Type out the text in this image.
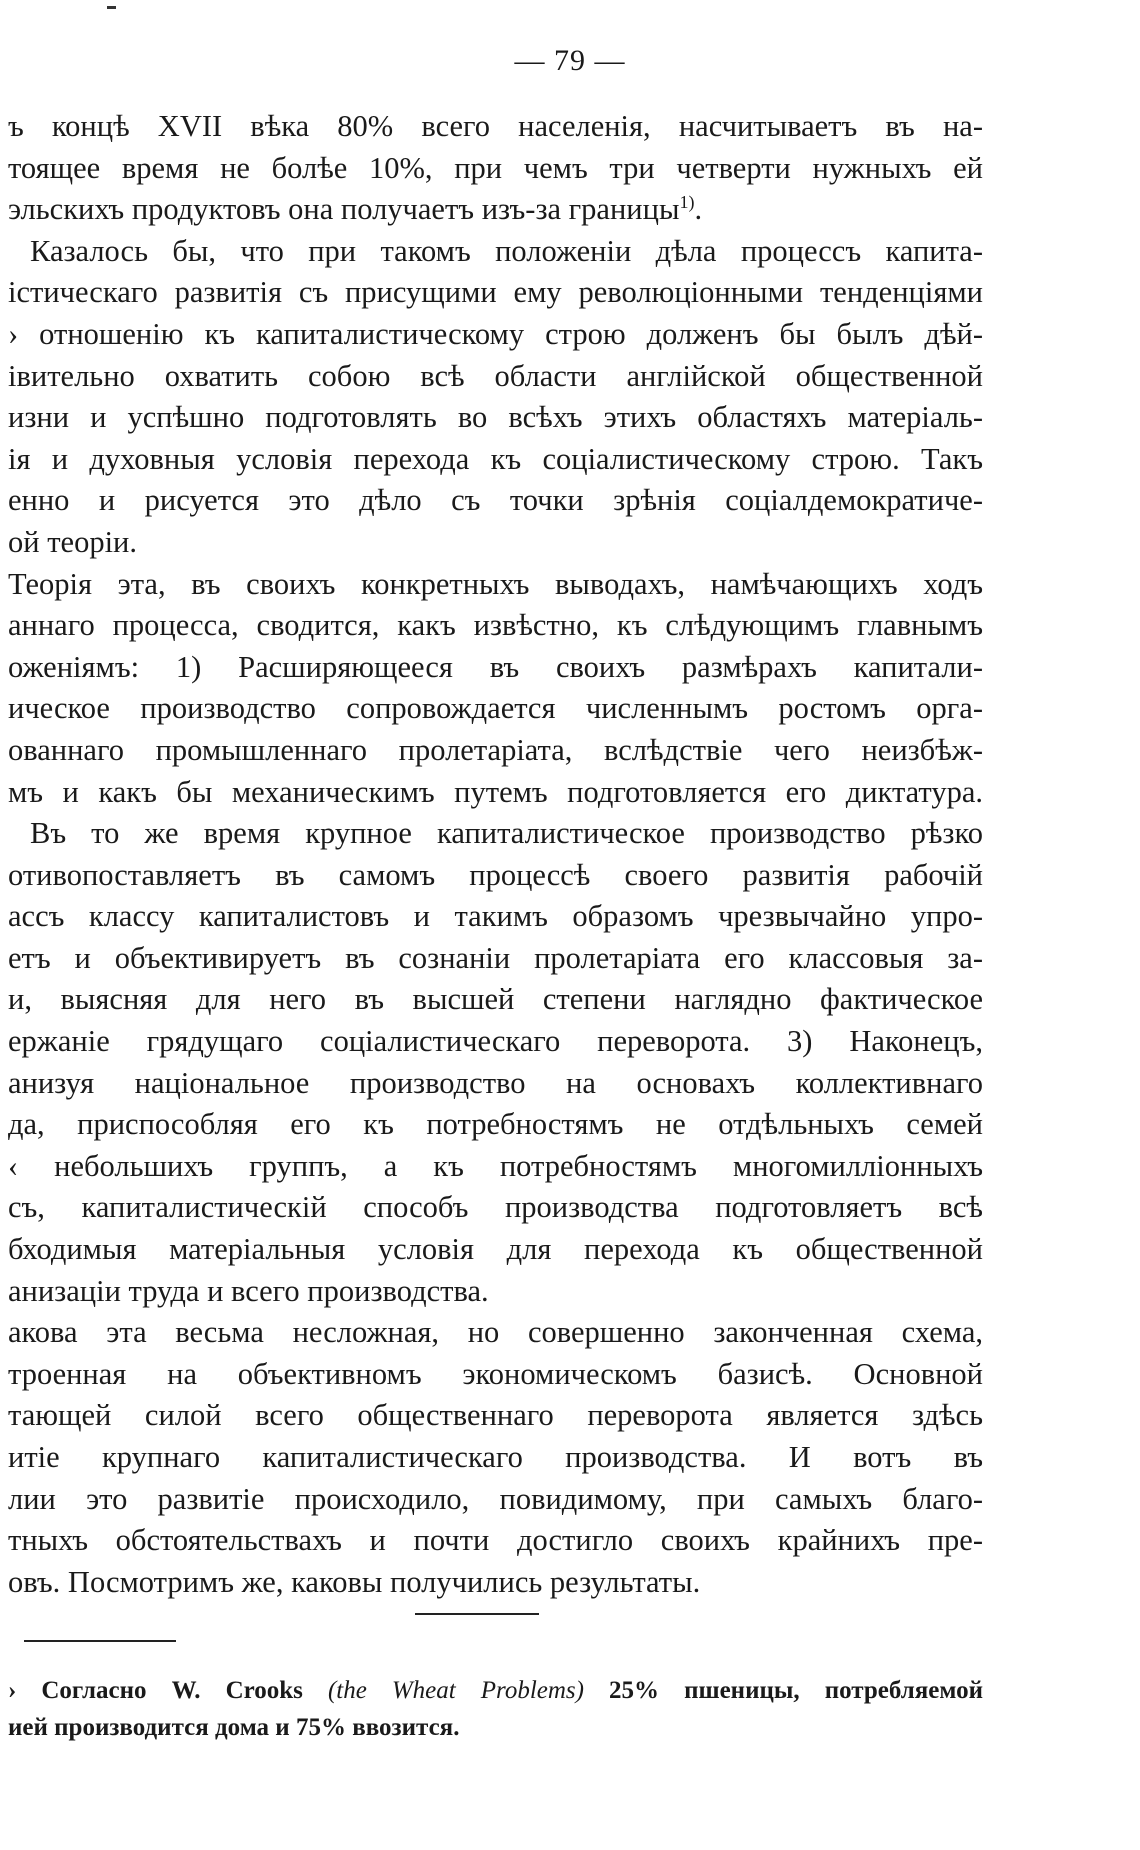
— 79 —
ъ концѣ XVII вѣка 80% всего населенія, насчитываетъ въ на-
тоящее время не болѣе 10%, при чемъ три четверти нужныхъ ей
эльскихъ продуктовъ она получаетъ изъ-за границы$^{1)}$.
Казалось бы, что при такомъ положеніи дѣла процессъ капита-
істическаго развитія съ присущими ему революціонными тенденціями
› отношенію къ капиталистическому строю долженъ бы былъ дѣй-
івительно охватить собою всѣ области англійской общественной
изни и успѣшно подготовлять во всѣхъ этихъ областяхъ матеріаль-
ія и духовныя условія перехода къ соціалистическому строю. Такъ
енно и рисуется это дѣло съ точки зрѣнія соціалдемократиче-
ой теоріи.
Теорія эта, въ своихъ конкретныхъ выводахъ, намѣчающихъ ходъ
аннаго процесса, сводится, какъ извѣстно, къ слѣдующимъ главнымъ
оженіямъ: 1) Расширяющееся въ своихъ размѣрахъ капитали-
ическое производство сопровождается численнымъ ростомъ орга-
ованнаго промышленнаго пролетаріата, вслѣдствіе чего неизбѣж-
мъ и какъ бы механическимъ путемъ подготовляется его диктатура.
Въ то же время крупное капиталистическое производство рѣзко
отивопоставляетъ въ самомъ процессѣ своего развитія рабочій
ассъ классу капиталистовъ и такимъ образомъ чрезвычайно упро-
етъ и объективируетъ въ сознаніи пролетаріата его классовыя за-
и, выясняя для него въ высшей степени наглядно фактическое
ержаніе грядущаго соціалистическаго переворота. 3) Наконецъ,
анизуя національное производство на основахъ коллективнаго
да, приспособляя его къ потребностямъ не отдѣльныхъ семей
‹ небольшихъ группъ, а къ потребностямъ многомилліонныхъ
съ, капиталистическій способъ производства подготовляетъ всѣ
бходимыя матеріальныя условія для перехода къ общественной
анизаціи труда и всего производства.
акова эта весьма несложная, но совершенно законченная схема,
троенная на объективномъ экономическомъ базисѣ. Основной
тающей силой всего общественнаго переворота является здѣсь
итіе крупнаго капиталистическаго производства. И вотъ въ
лии это развитіе происходило, повидимому, при самыхъ благо-
тныхъ обстоятельствахъ и почти достигло своихъ крайнихъ пре-
овъ. Посмотримъ же, каковы получились результаты.
› Согласно W. Crooks (the Wheat Problems) 25% пшеницы, потребляемой
ией производится дома и 75% ввозится.
